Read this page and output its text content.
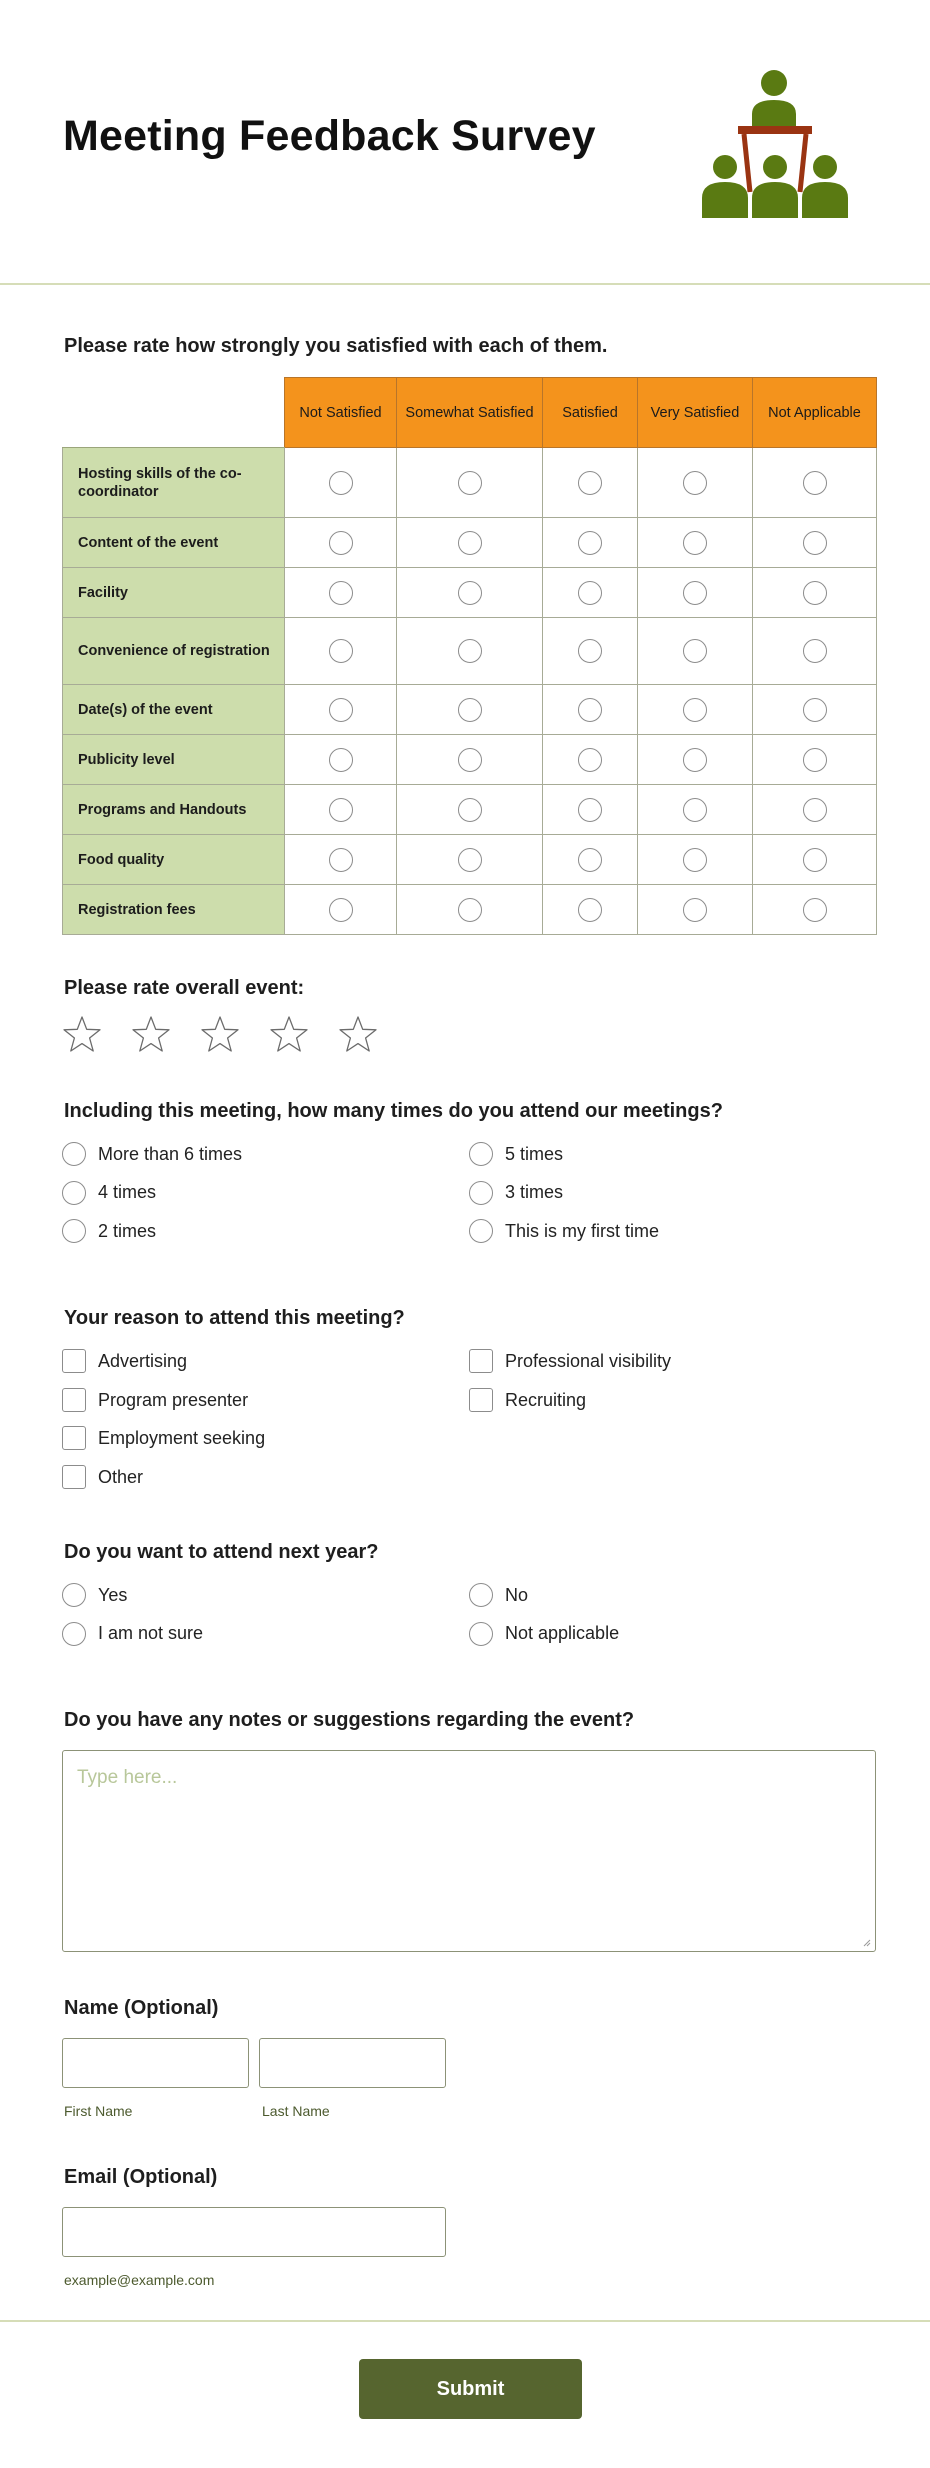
Meeting Feedback Survey
Please rate how strongly you satisfied with each of them.
	Not Satisfied	Somewhat Satisfied	Satisfied	Very Satisfied	Not Applicable
Hosting skills of the co-coordinator					
Content of the event					
Facility					
Convenience of registration					
Date(s) of the event					
Publicity level					
Programs and Handouts					
Food quality					
Registration fees					
Please rate overall event:
Including this meeting, how many times do you attend our meetings?
More than 6 times	5 times
4 times	3 times
2 times	This is my first time
Your reason to attend this meeting?
Advertising	Professional visibility
Program presenter	Recruiting
Employment seeking
Other
Do you want to attend next year?
Yes	No
I am not sure	Not applicable
Do you have any notes or suggestions regarding the event?
Type here...
Name (Optional)
First Name	Last Name
Email (Optional)
example@example.com
Submit
